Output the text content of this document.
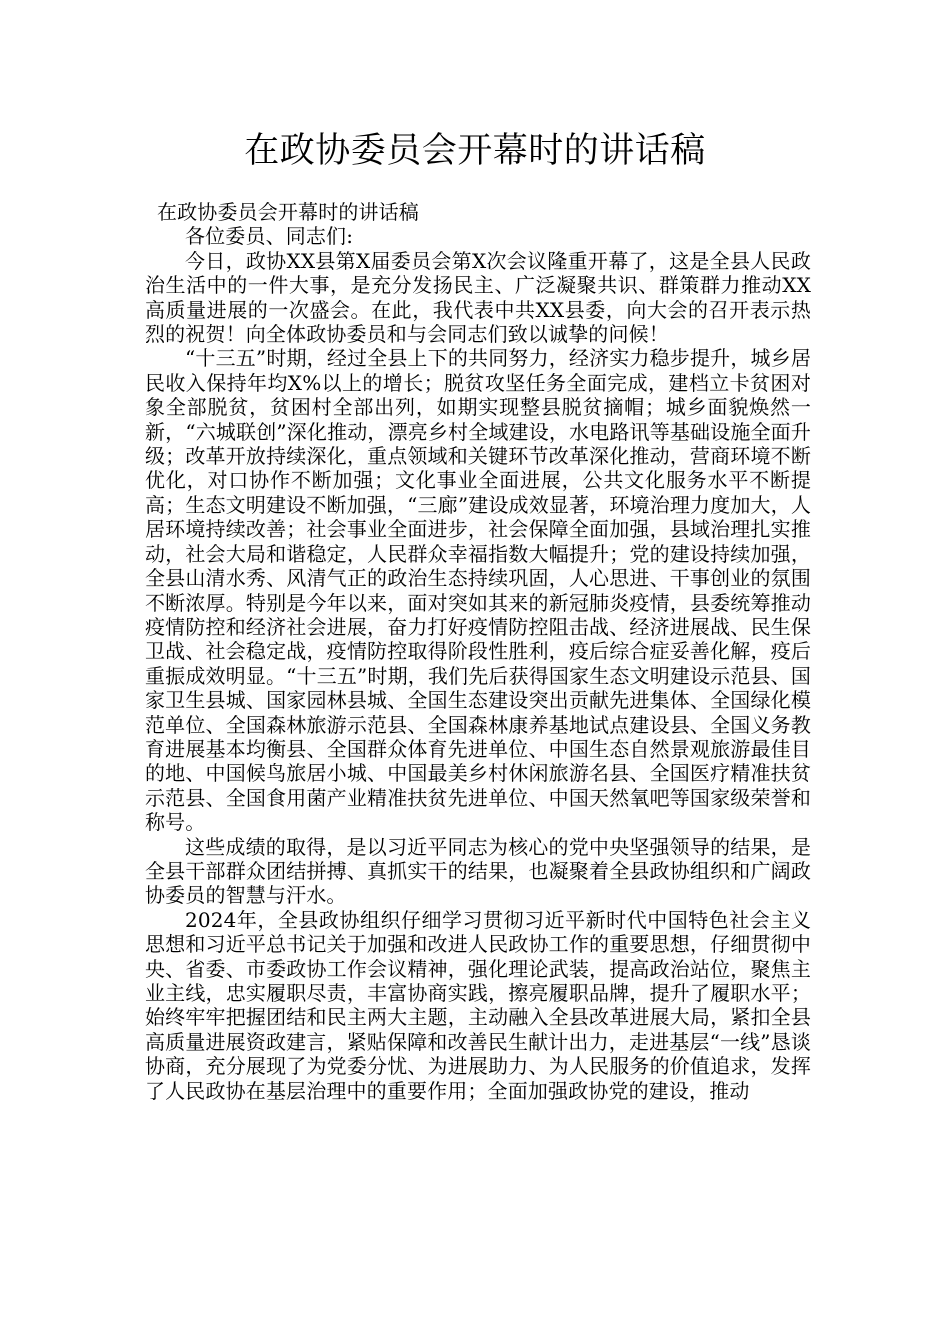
在政协委员会开幕时的讲话稿

在政协委员会开幕时的讲话稿

各位委员、同志们:

今日，政协XX县第X届委员会第X次会议隆重开幕了，这是全县人民政治生活中的一件大事，是充分发扬民主、广泛凝聚共识、群策群力推动XX高质量进展的一次盛会。在此，我代表中共XX县委，向大会的召开表示热烈的祝贺！向全体政协委员和与会同志们致以诚挚的问候！

“十三五”时期，经过全县上下的共同努力，经济实力稳步提升，城乡居民收入保持年均X%以上的增长；脱贫攻坚任务全面完成，建档立卡贫困对象全部脱贫，贫困村全部出列，如期实现整县脱贫摘帽；城乡面貌焕然一新，“六城联创”深化推动，漂亮乡村全域建设，水电路讯等基础设施全面升级；改革开放持续深化，重点领域和关键环节改革深化推动，营商环境不断优化，对口协作不断加强；文化事业全面进展，公共文化服务水平不断提高；生态文明建设不断加强，“三廊”建设成效显著，环境治理力度加大，人居环境持续改善；社会事业全面进步，社会保障全面加强，县域治理扎实推动，社会大局和谐稳定，人民群众幸福指数大幅提升；党的建设持续加强，全县山清水秀、风清气正的政治生态持续巩固，人心思进、干事创业的氛围不断浓厚。特别是今年以来，面对突如其来的新冠肺炎疫情，县委统筹推动疫情防控和经济社会进展，奋力打好疫情防控阻击战、经济进展战、民生保卫战、社会稳定战，疫情防控取得阶段性胜利，疫后综合症妥善化解，疫后重振成效明显。“十三五”时期，我们先后获得国家生态文明建设示范县、国家卫生县城、国家园林县城、全国生态建设突出贡献先进集体、全国绿化模范单位、全国森林旅游示范县、全国森林康养基地试点建设县、全国义务教育进展基本均衡县、全国群众体育先进单位、中国生态自然景观旅游最佳目的地、中国候鸟旅居小城、中国最美乡村休闲旅游名县、全国医疗精准扶贫示范县、全国食用菌产业精准扶贫先进单位、中国天然氧吧等国家级荣誉和称号。

这些成绩的取得，是以习近平同志为核心的党中央坚强领导的结果，是全县干部群众团结拼搏、真抓实干的结果，也凝聚着全县政协组织和广阔政协委员的智慧与汗水。

2024年，全县政协组织仔细学习贯彻习近平新时代中国特色社会主义思想和习近平总书记关于加强和改进人民政协工作的重要思想，仔细贯彻中央、省委、市委政协工作会议精神，强化理论武装，提高政治站位，聚焦主业主线，忠实履职尽责，丰富协商实践，擦亮履职品牌，提升了履职水平；始终牢牢把握团结和民主两大主题，主动融入全县改革进展大局，紧扣全县高质量进展资政建言，紧贴保障和改善民生献计出力，走进基层“一线”恳谈协商，充分展现了为党委分忧、为进展助力、为人民服务的价值追求，发挥了人民政协在基层治理中的重要作用；全面加强政协党的建设，推动
